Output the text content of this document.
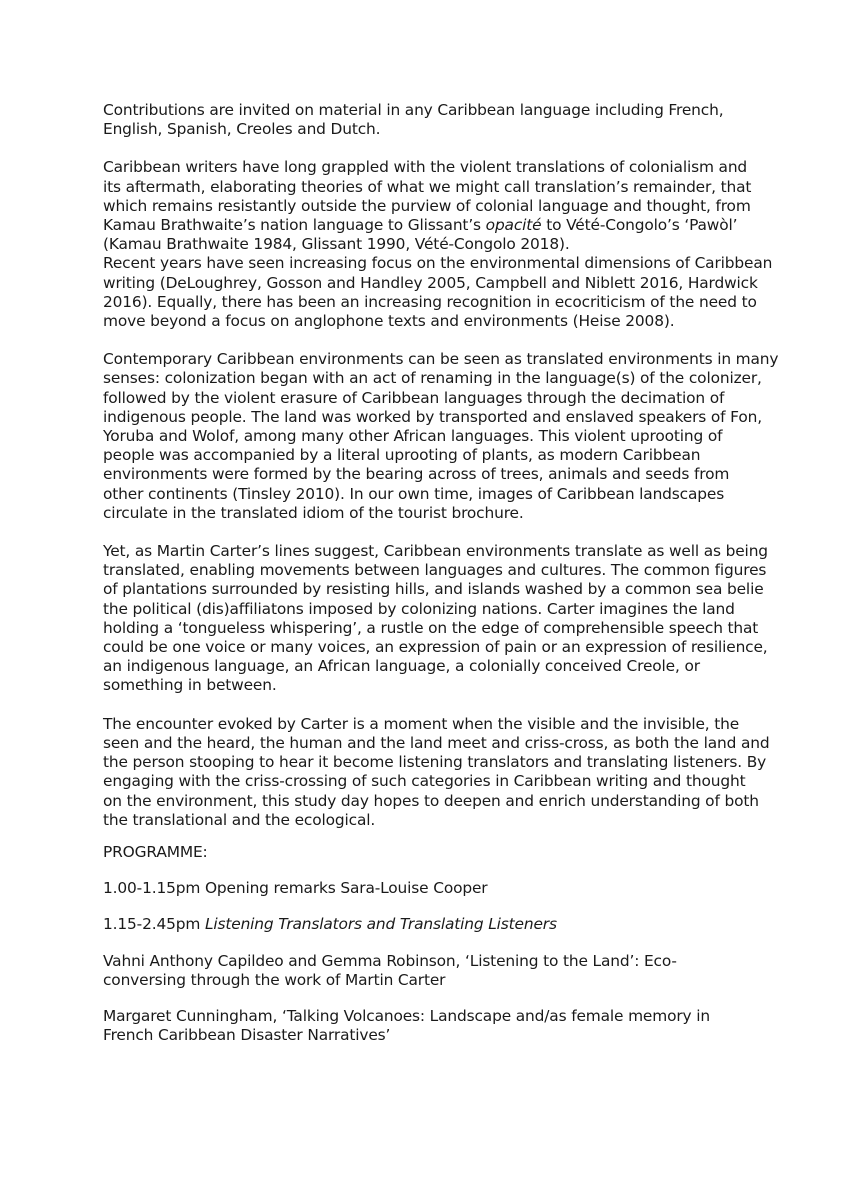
Contributions are invited on material in any Caribbean language including French,
English, Spanish, Creoles and Dutch.

Caribbean writers have long grappled with the violent translations of colonialism and
its aftermath, elaborating theories of what we might call translation’s remainder, that
which remains resistantly outside the purview of colonial language and thought, from
Kamau Brathwaite’s nation language to Glissant’s opacité to Vété-Congolo’s ‘Pawòl’
(Kamau Brathwaite 1984, Glissant 1990, Vété-Congolo 2018).
Recent years have seen increasing focus on the environmental dimensions of Caribbean
writing (DeLoughrey, Gosson and Handley 2005, Campbell and Niblett 2016, Hardwick
2016). Equally, there has been an increasing recognition in ecocriticism of the need to
move beyond a focus on anglophone texts and environments (Heise 2008).

Contemporary Caribbean environments can be seen as translated environments in many
senses: colonization began with an act of renaming in the language(s) of the colonizer,
followed by the violent erasure of Caribbean languages through the decimation of
indigenous people. The land was worked by transported and enslaved speakers of Fon,
Yoruba and Wolof, among many other African languages. This violent uprooting of
people was accompanied by a literal uprooting of plants, as modern Caribbean
environments were formed by the bearing across of trees, animals and seeds from
other continents (Tinsley 2010). In our own time, images of Caribbean landscapes
circulate in the translated idiom of the tourist brochure.

Yet, as Martin Carter’s lines suggest, Caribbean environments translate as well as being
translated, enabling movements between languages and cultures. The common figures
of plantations surrounded by resisting hills, and islands washed by a common sea belie
the political (dis)affiliatons imposed by colonizing nations. Carter imagines the land
holding a ‘tongueless whispering’, a rustle on the edge of comprehensible speech that
could be one voice or many voices, an expression of pain or an expression of resilience,
an indigenous language, an African language, a colonially conceived Creole, or
something in between.

The encounter evoked by Carter is a moment when the visible and the invisible, the
seen and the heard, the human and the land meet and criss-cross, as both the land and
the person stooping to hear it become listening translators and translating listeners. By
engaging with the criss-crossing of such categories in Caribbean writing and thought
on the environment, this study day hopes to deepen and enrich understanding of both
the translational and the ecological.

PROGRAMME:

1.00-1.15pm Opening remarks Sara-Louise Cooper

1.15-2.45pm Listening Translators and Translating Listeners

Vahni Anthony Capildeo and Gemma Robinson, ‘Listening to the Land’: Eco-
conversing through the work of Martin Carter

Margaret Cunningham, ‘Talking Volcanoes: Landscape and/as female memory in
French Caribbean Disaster Narratives’
